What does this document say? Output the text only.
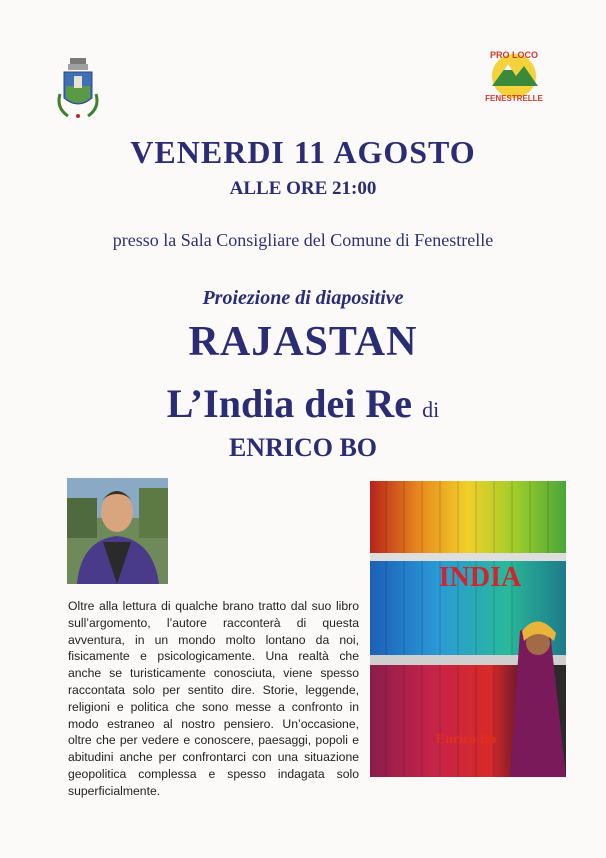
PRO LOCO
FENESTRELLE
VENERDI 11 AGOSTO
ALLE ORE 21:00
presso la Sala Consigliare del Comune di Fenestrelle
Proiezione di diapositive
RAJASTAN
L’India dei Re di
ENRICO BO
INDIA
Enrico Bo
Oltre alla lettura di qualche brano tratto dal suo libro sull’argomento, l’autore racconterà di questa avventura, in un mondo molto lontano da noi, fisicamente e psicologicamente. Una realtà che anche se turisticamente conosciuta, viene spesso raccontata solo per sentito dire. Storie, leggende, religioni e politica che sono messe a confronto in modo estraneo al nostro pensiero. Un’occasione, oltre che per vedere e conoscere, paesaggi, popoli e abitudini anche per confrontarci con una situazione geopolitica complessa e spesso indagata solo superficialmente.
